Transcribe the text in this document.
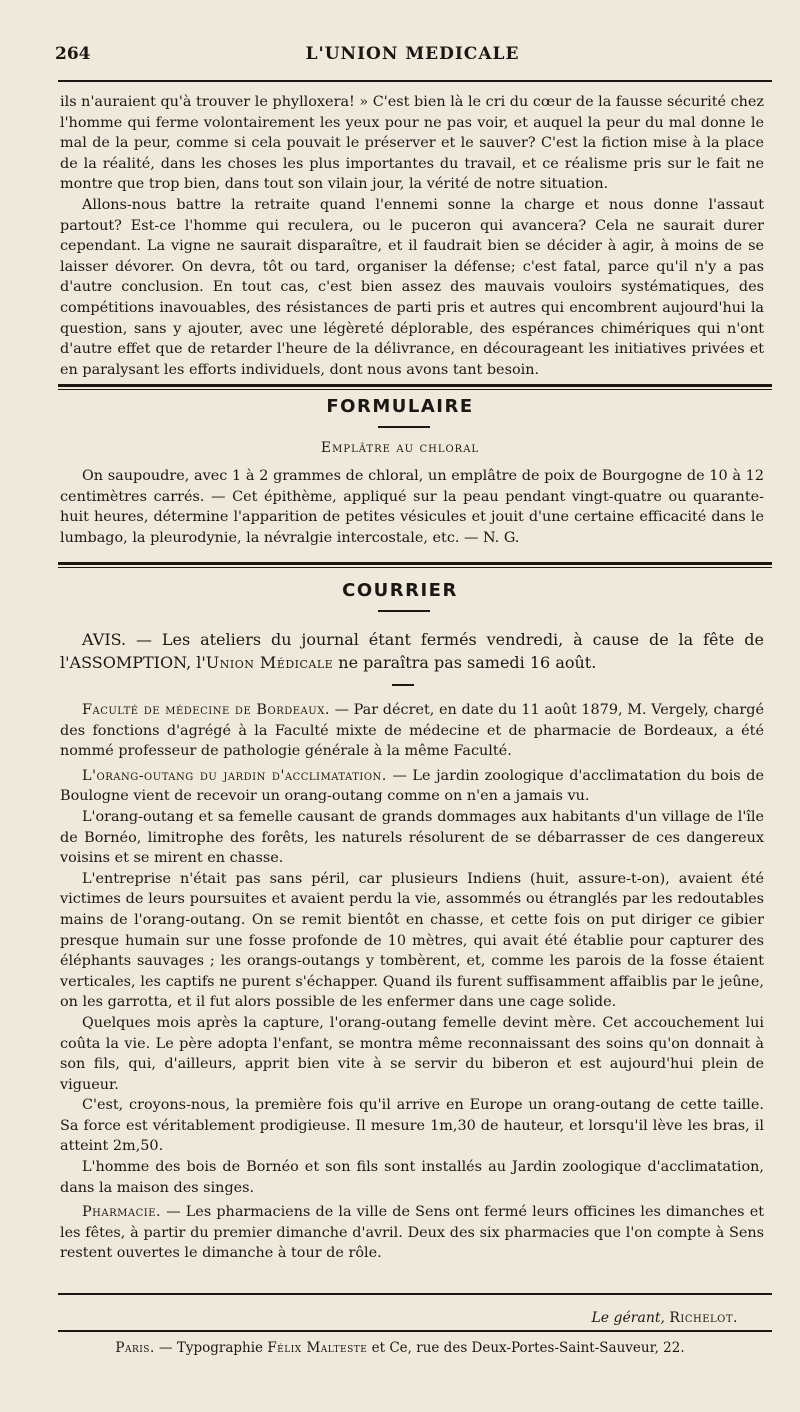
264	L'UNION MEDICALE

ils n'auraient qu'à trouver le phylloxera! » C'est bien là le cri du cœur de la fausse sécurité chez l'homme qui ferme volontairement les yeux pour ne pas voir, et auquel la peur du mal donne le mal de la peur, comme si cela pouvait le préserver et le sauver? C'est la fiction mise à la place de la réalité, dans les choses les plus importantes du travail, et ce réalisme pris sur le fait ne montre que trop bien, dans tout son vilain jour, la vérité de notre situation.

Allons-nous battre la retraite quand l'ennemi sonne la charge et nous donne l'assaut partout? Est-ce l'homme qui reculera, ou le puceron qui avancera? Cela ne saurait durer cependant. La vigne ne saurait disparaître, et il faudrait bien se décider à agir, à moins de se laisser dévorer. On devra, tôt ou tard, organiser la défense; c'est fatal, parce qu'il n'y a pas d'autre conclusion. En tout cas, c'est bien assez des mauvais vouloirs systématiques, des compétitions inavouables, des résistances de parti pris et autres qui encombrent aujourd'hui la question, sans y ajouter, avec une légèreté déplorable, des espérances chimériques qui n'ont d'autre effet que de retarder l'heure de la délivrance, en décourageant les initiatives privées et en paralysant les efforts individuels, dont nous avons tant besoin.

FORMULAIRE
Emplâtre au chloral

On saupoudre, avec 1 à 2 grammes de chloral, un emplâtre de poix de Bourgogne de 10 à 12 centimètres carrés. — Cet épithème, appliqué sur la peau pendant vingt-quatre ou quarante-huit heures, détermine l'apparition de petites vésicules et jouit d'une certaine efficacité dans le lumbago, la pleurodynie, la névralgie intercostale, etc. — N. G.

COURRIER

AVIS. — Les ateliers du journal étant fermés vendredi, à cause de la fête de l'ASSOMPTION, l'Union Médicale ne paraîtra pas samedi 16 août.

Faculté de médecine de Bordeaux. — Par décret, en date du 11 août 1879, M. Vergely, chargé des fonctions d'agrégé à la Faculté mixte de médecine et de pharmacie de Bordeaux, a été nommé professeur de pathologie générale à la même Faculté.

L'orang-outang du jardin d'acclimatation. — Le jardin zoologique d'acclimatation du bois de Boulogne vient de recevoir un orang-outang comme on n'en a jamais vu.

L'orang-outang et sa femelle causant de grands dommages aux habitants d'un village de l'île de Bornéo, limitrophe des forêts, les naturels résolurent de se débarrasser de ces dangereux voisins et se mirent en chasse.

L'entreprise n'était pas sans péril, car plusieurs Indiens (huit, assure-t-on), avaient été victimes de leurs poursuites et avaient perdu la vie, assommés ou étranglés par les redoutables mains de l'orang-outang. On se remit bientôt en chasse, et cette fois on put diriger ce gibier presque humain sur une fosse profonde de 10 mètres, qui avait été établie pour capturer des éléphants sauvages ; les orangs-outangs y tombèrent, et, comme les parois de la fosse étaient verticales, les captifs ne purent s'échapper. Quand ils furent suffisamment affaiblis par le jeûne, on les garrotta, et il fut alors possible de les enfermer dans une cage solide.

Quelques mois après la capture, l'orang-outang femelle devint mère. Cet accouchement lui coûta la vie. Le père adopta l'enfant, se montra même reconnaissant des soins qu'on donnait à son fils, qui, d'ailleurs, apprit bien vite à se servir du biberon et est aujourd'hui plein de vigueur.

C'est, croyons-nous, la première fois qu'il arrive en Europe un orang-outang de cette taille. Sa force est véritablement prodigieuse. Il mesure 1m,30 de hauteur, et lorsqu'il lève les bras, il atteint 2m,50.

L'homme des bois de Bornéo et son fils sont installés au Jardin zoologique d'acclimatation, dans la maison des singes.

Pharmacie. — Les pharmaciens de la ville de Sens ont fermé leurs officines les dimanches et les fêtes, à partir du premier dimanche d'avril. Deux des six pharmacies que l'on compte à Sens restent ouvertes le dimanche à tour de rôle.

Le gérant, Richelot.
Paris. — Typographie Félix Malteste et Ce, rue des Deux-Portes-Saint-Sauveur, 22.
